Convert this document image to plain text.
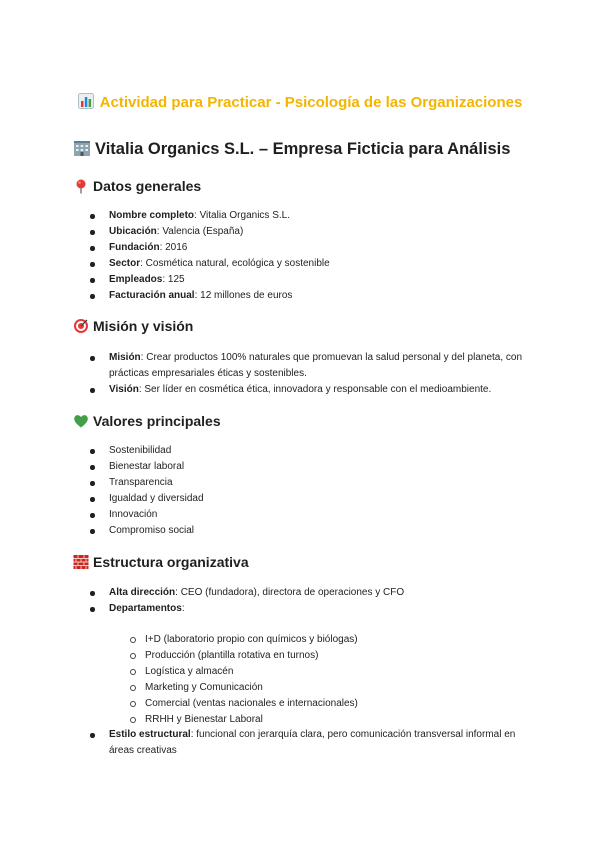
Actividad para Practicar - Psicología de las Organizaciones
Vitalia Organics S.L. – Empresa Ficticia para Análisis
Datos generales
Nombre completo: Vitalia Organics S.L.
Ubicación: Valencia (España)
Fundación: 2016
Sector: Cosmética natural, ecológica y sostenible
Empleados: 125
Facturación anual: 12 millones de euros
Misión y visión
Misión: Crear productos 100% naturales que promuevan la salud personal y del planeta, con prácticas empresariales éticas y sostenibles.
Visión: Ser líder en cosmética ética, innovadora y responsable con el medioambiente.
Valores principales
Sostenibilidad
Bienestar laboral
Transparencia
Igualdad y diversidad
Innovación
Compromiso social
Estructura organizativa
Alta dirección: CEO (fundadora), directora de operaciones y CFO
Departamentos:
I+D (laboratorio propio con químicos y biólogas)
Producción (plantilla rotativa en turnos)
Logística y almacén
Marketing y Comunicación
Comercial (ventas nacionales e internacionales)
RRHH y Bienestar Laboral
Estilo estructural: funcional con jerarquía clara, pero comunicación transversal informal en áreas creativas
